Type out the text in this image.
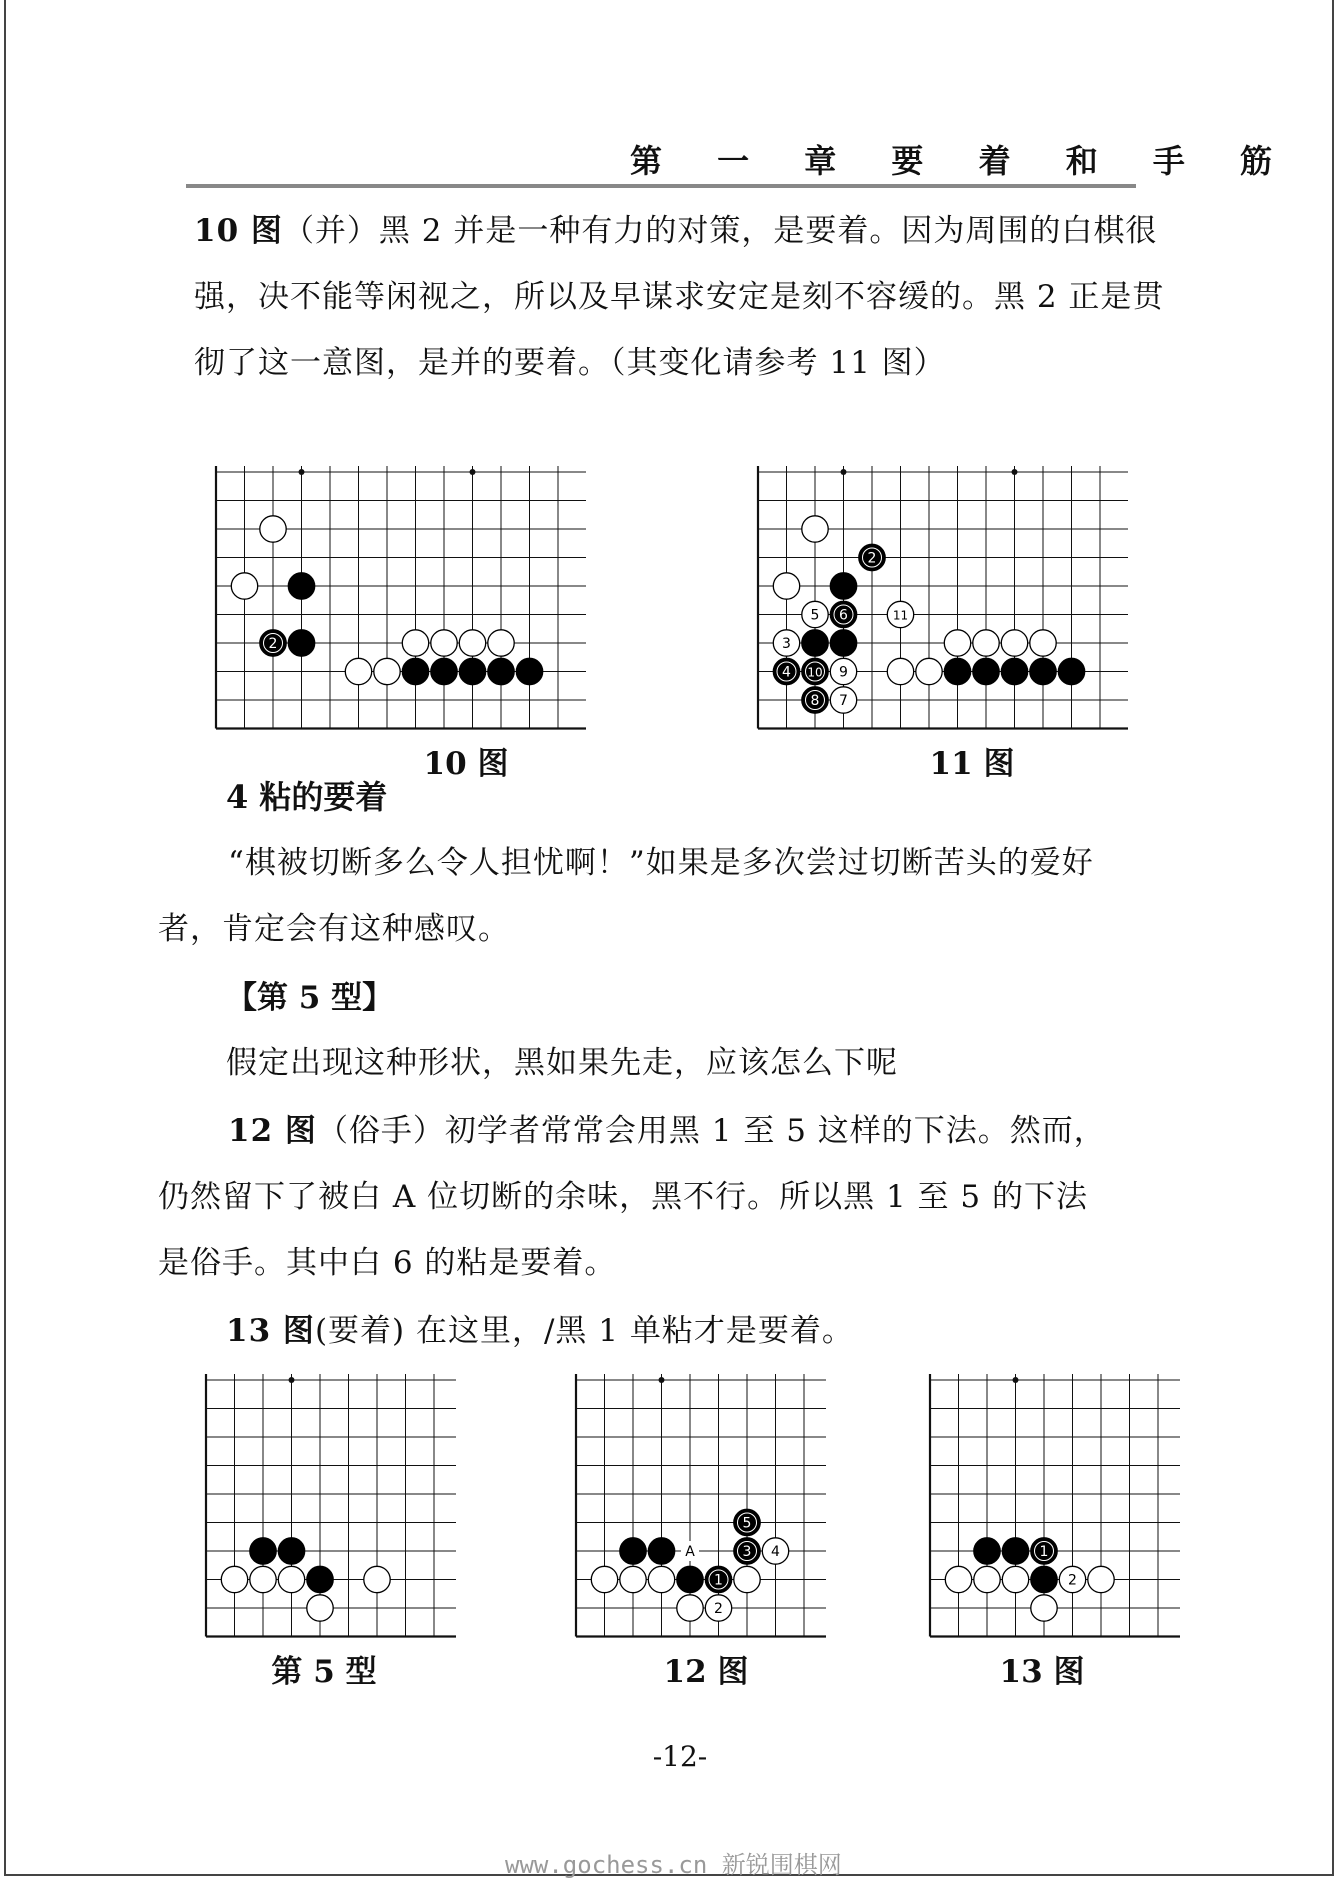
第 一 章 要 着 和 手 筋

10 图（并）黑 2 并是一种有力的对策，是要着。因为周围的白棋很强，决不能等闲视之，所以及早谋求安定是刻不容缓的。黑 2 正是贯彻了这一意图，是并的要着。（其变化请参考 11 图）

2
2
5 6	11
3
4 10 9
8 7
10 图	11 图
4 粘的要着

“棋被切断多么令人担忧啊！”如果是多次尝过切断苦头的爱好者，肯定会有这种感叹。

【第 5 型】

假定出现这种形状，黑如果先走，应该怎么下呢

12 图（俗手）初学者常常会用黑 1 至 5 这样的下法。然而，仍然留下了被白 A 位切断的余味，黑不行。所以黑 1 至 5 的下法是俗手。其中白 6 的粘是要着。

13 图(要着) 在这里，/黑 1 单粘才是要着。

5
A	3 4
1
2
1
2
第 5 型	12 图	13 图
-12-
www.gochess.cn 新锐围棋网
